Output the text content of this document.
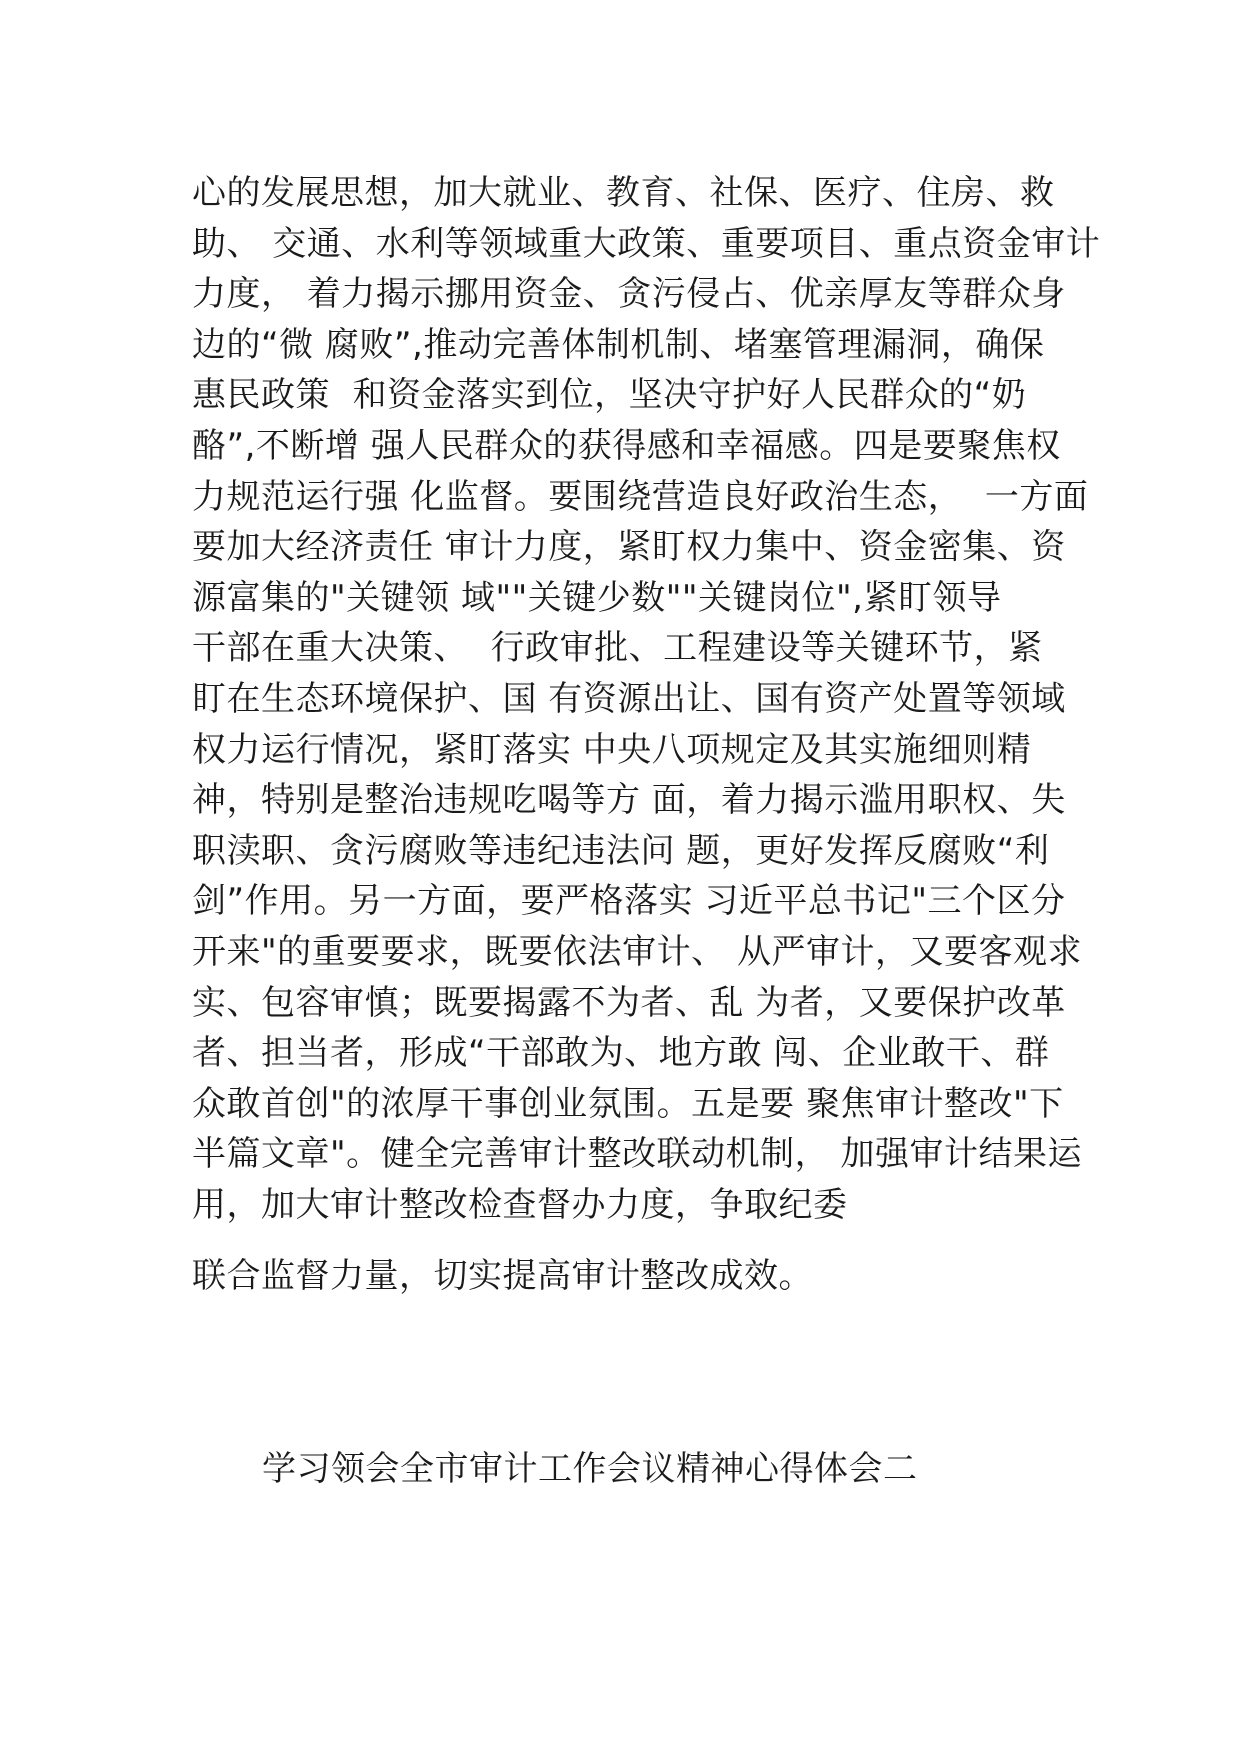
心的发展思想，加大就业、教育、社保、医疗、住房、救
助、 交通、水利等领域重大政策、重要项目、重点资金审计
力度， 着力揭示挪用资金、贪污侵占、优亲厚友等群众身
边的“微 腐败”,推动完善体制机制、堵塞管理漏洞，确保
惠民政策  和资金落实到位，坚决守护好人民群众的“奶
酪”,不断增 强人民群众的获得感和幸福感。四是要聚焦权
力规范运行强 化监督。要围绕营造良好政治生态，  一方面
要加大经济责任 审计力度，紧盯权力集中、资金密集、资
源富集的"关键领 域""关键少数""关键岗位",紧盯领导
干部在重大决策、  行政审批、工程建设等关键环节，紧
盯在生态环境保护、国 有资源出让、国有资产处置等领域
权力运行情况，紧盯落实 中央八项规定及其实施细则精
神，特别是整治违规吃喝等方 面，着力揭示滥用职权、失
职渎职、贪污腐败等违纪违法问 题，更好发挥反腐败“利
剑”作用。另一方面，要严格落实 习近平总书记"三个区分
开来"的重要要求，既要依法审计、 从严审计，又要客观求
实、包容审慎；既要揭露不为者、乱 为者，又要保护改革
者、担当者，形成“干部敢为、地方敢 闯、企业敢干、群
众敢首创"的浓厚干事创业氛围。五是要 聚焦审计整改"下
半篇文章"。健全完善审计整改联动机制， 加强审计结果运
用，加大审计整改检查督办力度，争取纪委
联合监督力量，切实提高审计整改成效。
学习领会全市审计工作会议精神心得体会二
